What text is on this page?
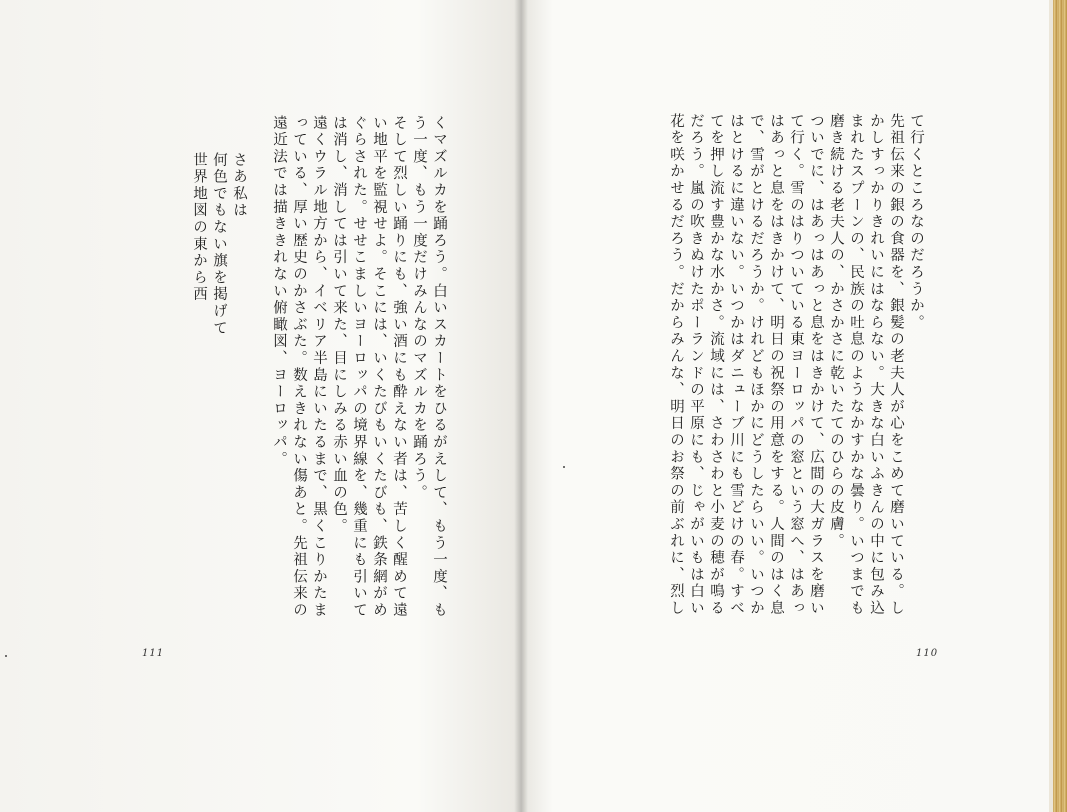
くマズルカを踊ろう。白いスカートをひるがえして、もう一度、も
う一度、もう一度だけみんなのマズルカを踊ろう。
そして烈しい踊りにも、強い酒にも酔えない者は、苦しく醒めて遠
い地平を監視せよ。そこには、いくたびもいくたびも、鉄条網がめ
ぐらされた。せせこましいヨーロッパの境界線を、幾重にも引いて
は消し、消しては引いて来た、目にしみる赤い血の色。
遠くウラル地方から、イベリア半島にいたるまで、黒くこりかたま
っている、厚い歴史のかさぶた。数えきれない傷あと。先祖伝来の
遠近法では描ききれない俯瞰図、ヨーロッパ。
さあ私は
何色でもない旗を掲げて
世界地図の東から西
111
て行くところなのだろうか。
先祖伝来の銀の食器を、銀髪の老夫人が心をこめて磨いている。し
かしすっかりきれいにはならない。大きな白いふきんの中に包み込
まれたスプーンの、民族の吐息のようなかすかな曇り。いつまでも
磨き続ける老夫人の、かさかさに乾いたてのひらの皮膚。
ついでに、はあっはあっと息をはきかけて、広間の大ガラスを磨い
て行く。雪のはりついている東ヨーロッパの窓という窓へ、はあっ
はあっと息をはきかけて、明日の祝祭の用意をする。人間のはく息
で、雪がとけるだろうか。けれどもほかにどうしたらいい。いつか
はとけるに違いない。いつかはダニューブ川にも雪どけの春。すべ
てを押し流す豊かな水かさ。流域には、さわさわと小麦の穂が鳴る
だろう。嵐の吹きぬけたポーランドの平原にも、じゃがいもは白い
花を咲かせるだろう。だからみんな、明日のお祭の前ぶれに、烈し
110
